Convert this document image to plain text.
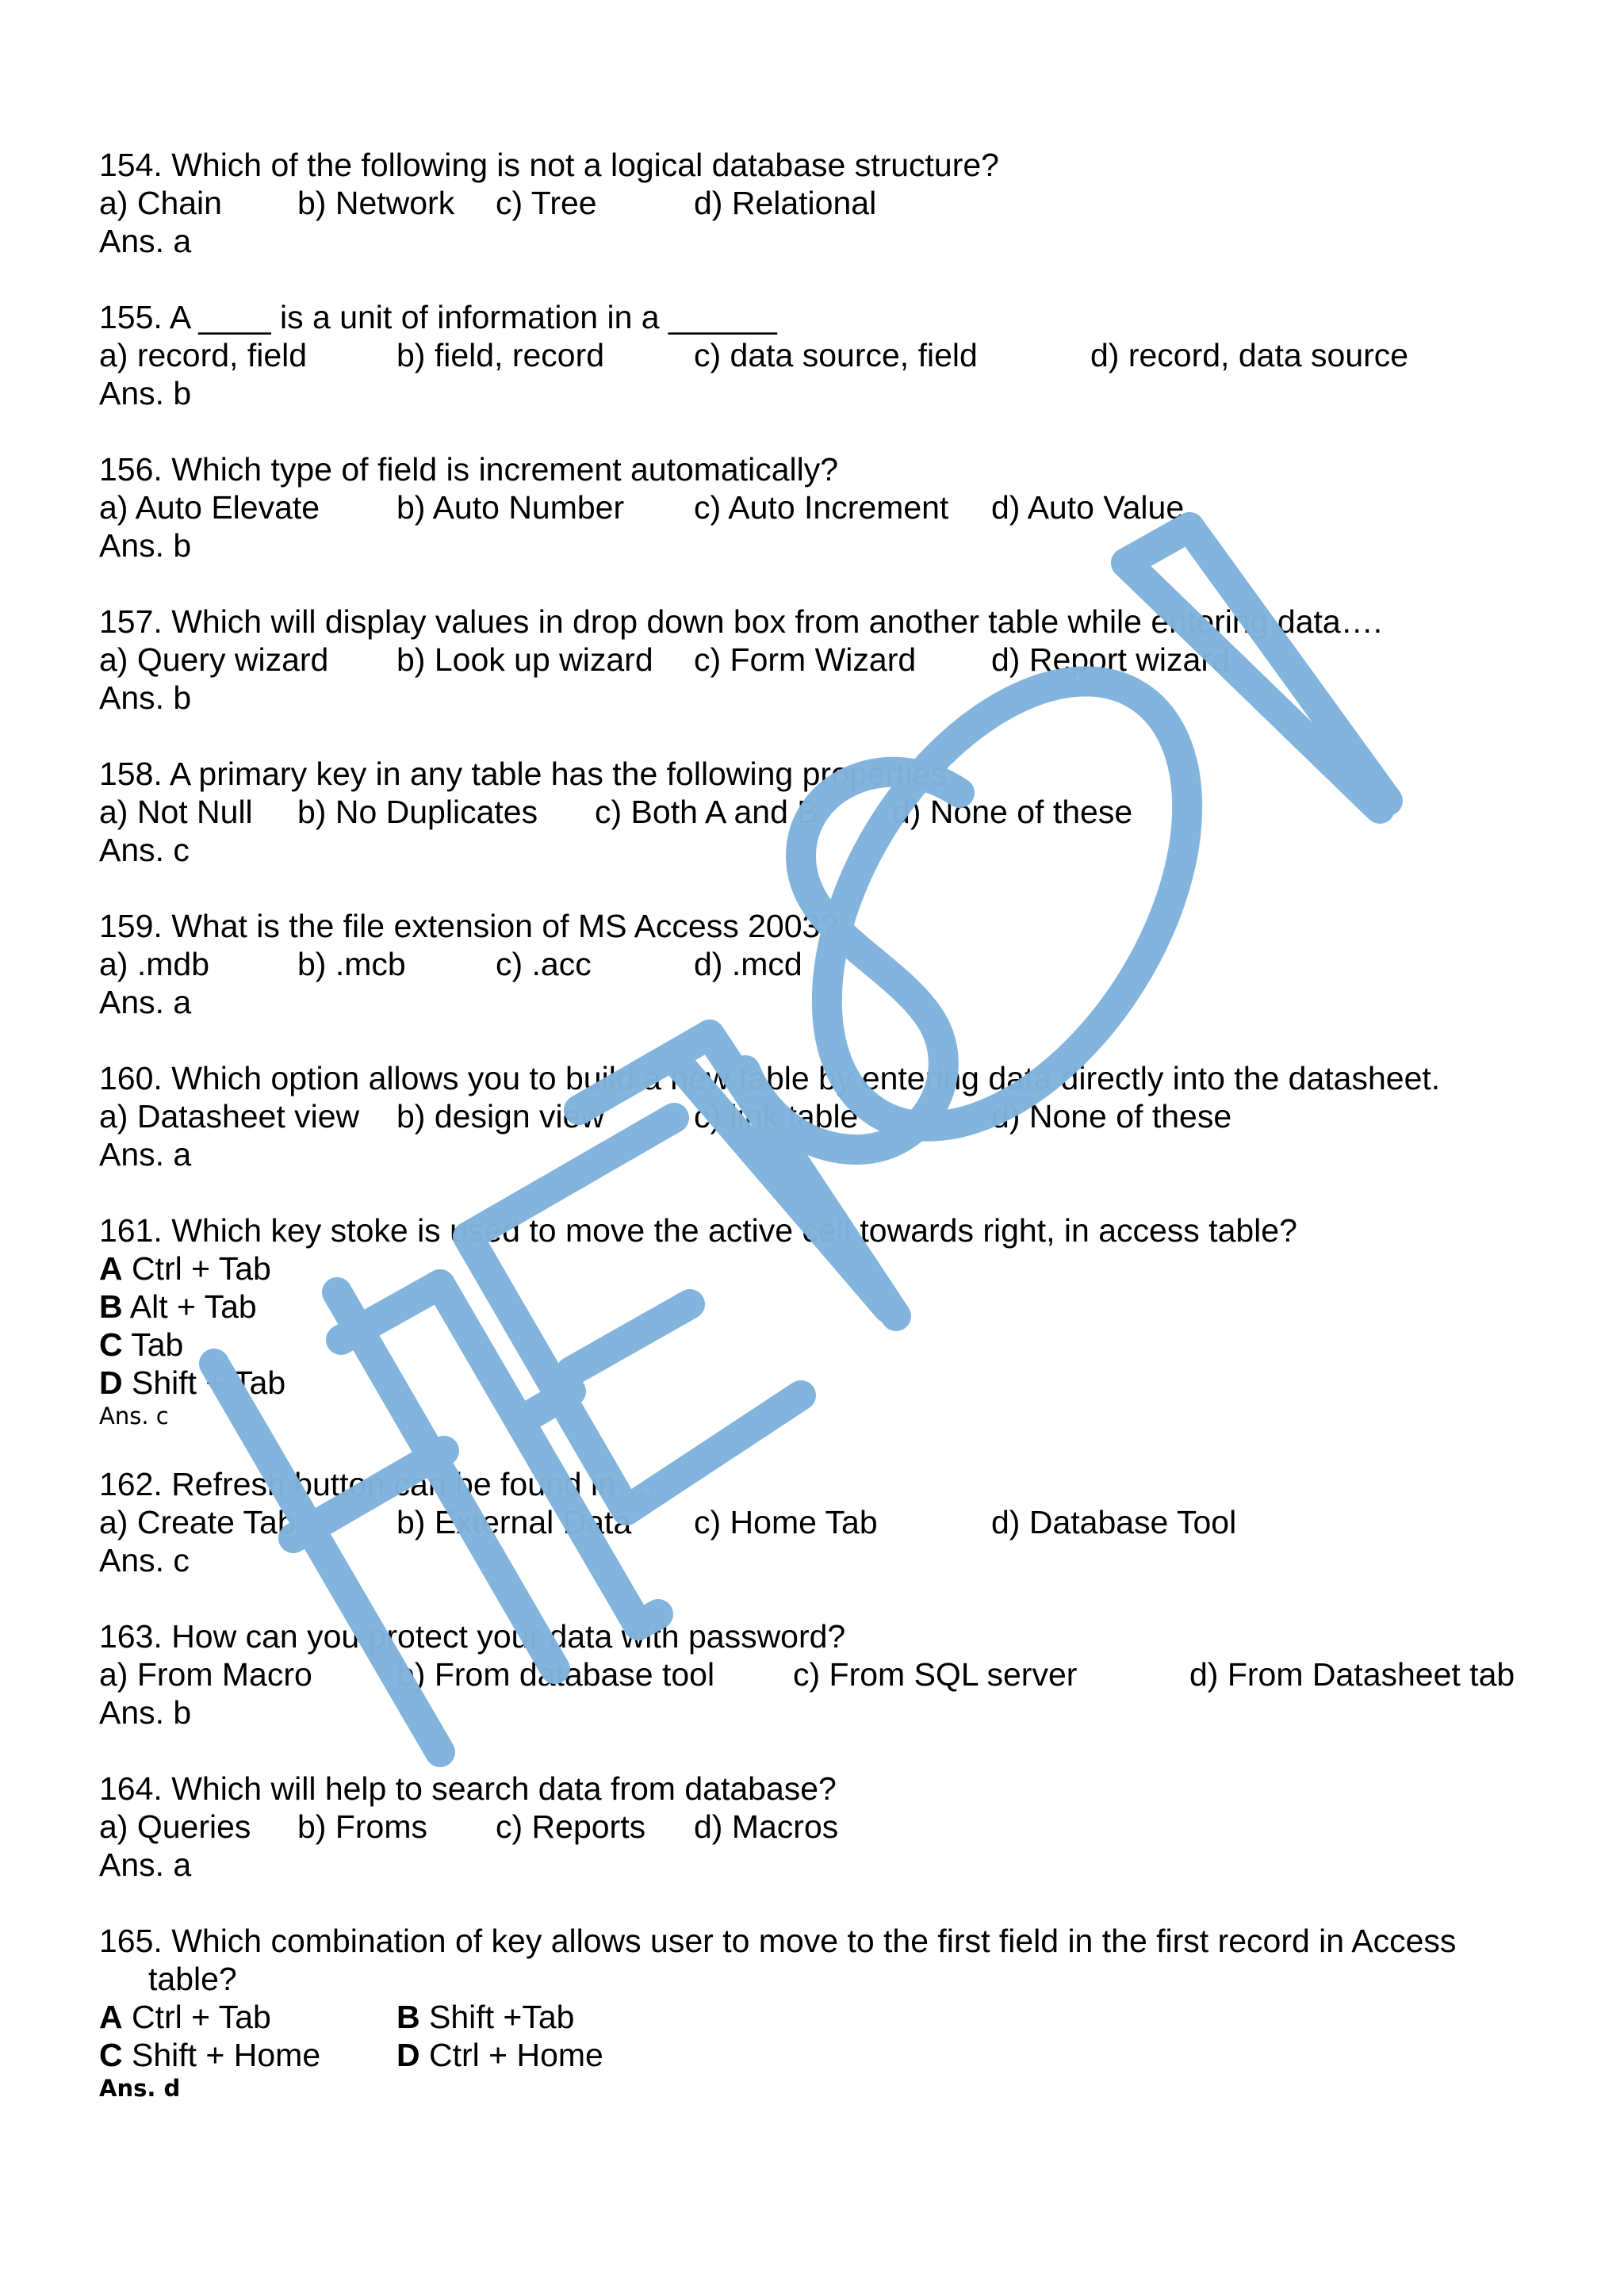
154. Which of the following is not a logical database structure?
a) Chain b) Network c) Tree	d) Relational
Ans. a
155. A ____ is a unit of information in a ______
a) record, field	b) field, record	c) data source, field	d) record, data source
Ans. b
156. Which type of field is increment automatically?
a) Auto Elevate b) Auto Number c) Auto Increment d) Auto Value
Ans. b
157. Which will display values in drop down box from another table while entering data….
a) Query wizard b) Look up wizard c) Form Wizard d) Report wizard
Ans. b
158. A primary key in any table has the following properties
a) Not Null b) No Duplicates c) Both A and B d) None of these
Ans. c
159. What is the file extension of MS Access 2003?
a) .mdb	b) .mcb	c) .acc	d) .mcd
Ans. a
160. Which option allows you to build a new table by entering data directly into the datasheet.
a) Datasheet view b) design view	c) link table	d) None of these
Ans. a
161. Which key stoke is used to move the active cell towards right, in access table?
A Ctrl + Tab
B Alt + Tab
C Tab
D Shift + Tab
Ans. c
162. Refresh button can be found in….
a) Create Tab	b) External Data c) Home Tab	d) Database Tool
Ans. c
163. How can you protect your data with password?
a) From Macro	b) From database tool c) From SQL server	d) From Datasheet tab
Ans. b
164. Which will help to search data from database?
a) Queries b) Froms c) Reports d) Macros
Ans. a
165. Which combination of key allows user to move to the first field in the first record in Access
table?
A Ctrl + Tab	B Shift +Tab
C Shift + Home D Ctrl + Home
Ans. d
